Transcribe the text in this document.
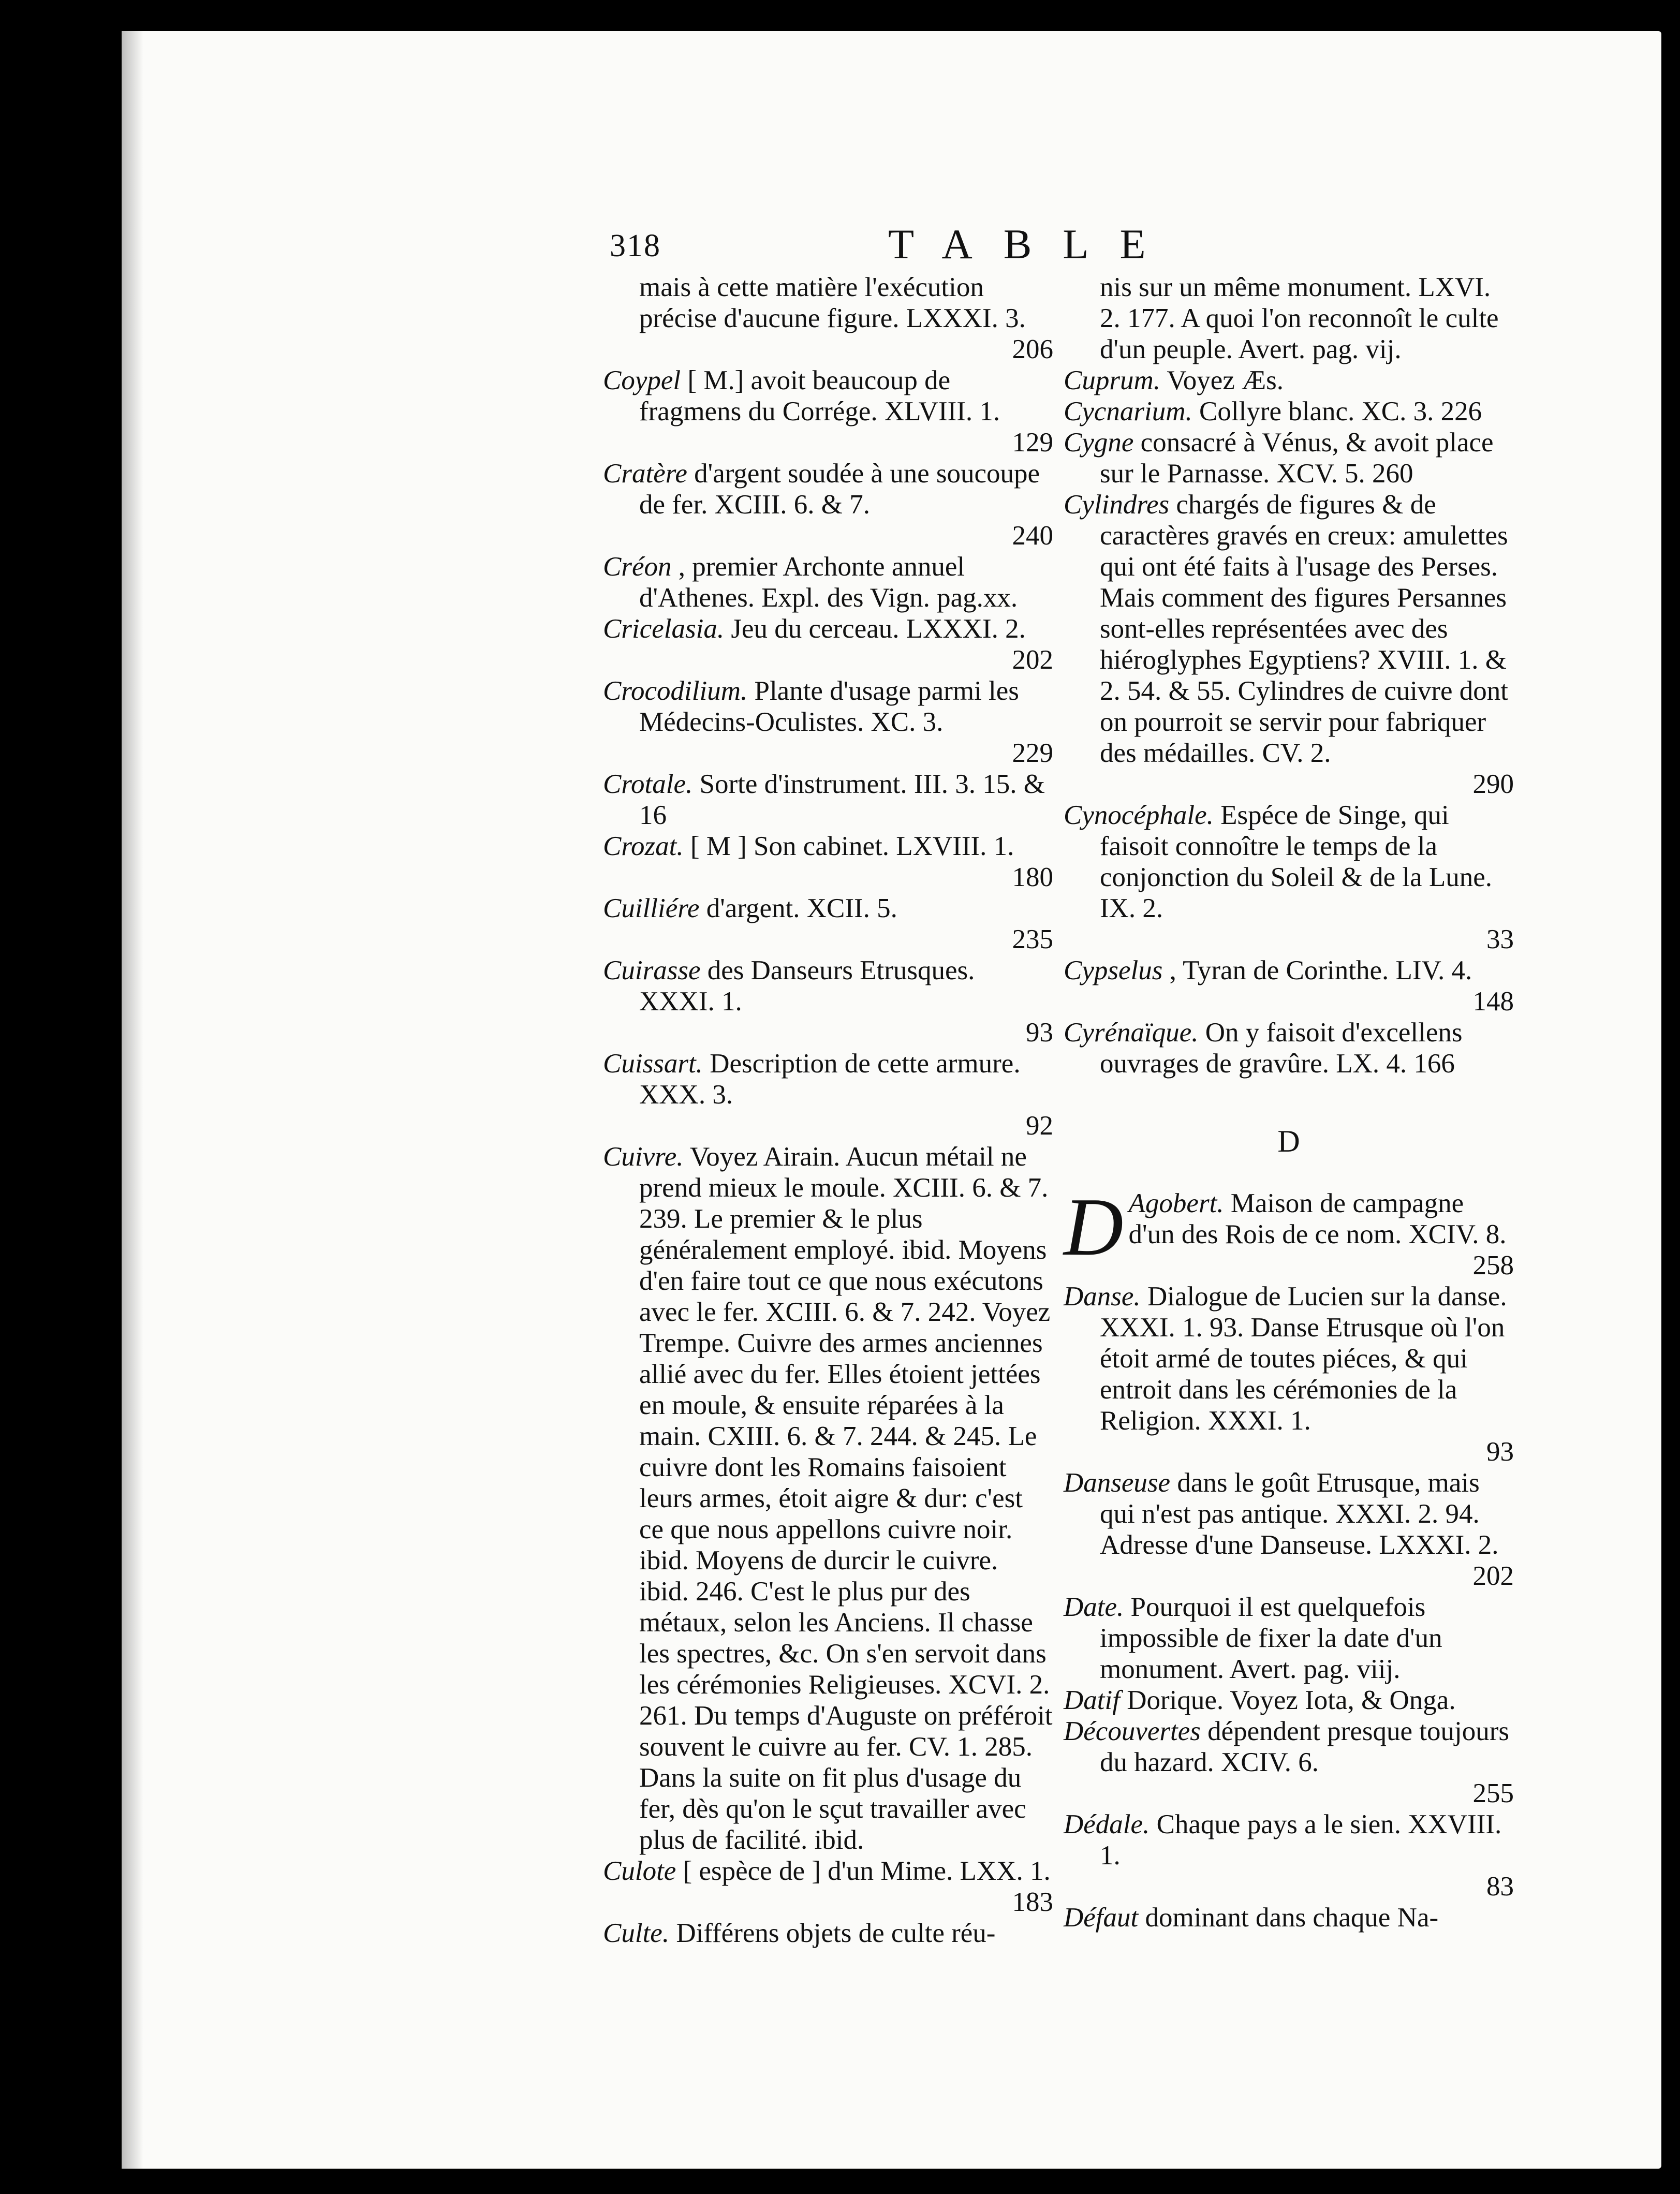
318	TABLE

mais à cette matière l'exécution précise d'aucune figure. LXXXI. 3.
206

Coypel [ M.] avoit beaucoup de fragmens du Corrége. XLVIII. 1.
129

Cratère d'argent soudée à une soucoupe de fer. XCIII. 6. & 7.
240

Créon , premier Archonte annuel d'Athenes. Expl. des Vign. pag.xx.

Cricelasia. Jeu du cerceau. LXXXI. 2.
202

Crocodilium. Plante d'usage parmi les Médecins-Oculistes. XC. 3.
229

Crotale. Sorte d'instrument. III. 3. 15. & 16

Crozat. [ M ] Son cabinet. LXVIII. 1.
180

Cuilliére d'argent. XCII. 5.
235

Cuirasse des Danseurs Etrusques. XXXI. 1.
93

Cuissart. Description de cette armure. XXX. 3.
92

Cuivre. Voyez Airain. Aucun métail ne prend mieux le moule. XCIII. 6. & 7. 239. Le premier & le plus généralement employé. ibid. Moyens d'en faire tout ce que nous exécutons avec le fer. XCIII. 6. & 7. 242. Voyez Trempe. Cuivre des armes anciennes allié avec du fer. Elles étoient jettées en moule, & ensuite réparées à la main. CXIII. 6. & 7. 244. & 245. Le cuivre dont les Romains faisoient leurs armes, étoit aigre & dur: c'est ce que nous appellons cuivre noir. ibid. Moyens de durcir le cuivre. ibid. 246. C'est le plus pur des métaux, selon les Anciens. Il chasse les spectres, &c. On s'en servoit dans les cérémonies Religieuses. XCVI. 2. 261. Du temps d'Auguste on préféroit souvent le cuivre au fer. CV. 1. 285. Dans la suite on fit plus d'usage du fer, dès qu'on le sçut travailler avec plus de facilité. ibid.

Culote [ espèce de ] d'un Mime. LXX. 1.
183

Culte. Différens objets de culte réu-

nis sur un même monument. LXVI. 2. 177. A quoi l'on reconnoît le culte d'un peuple. Avert. pag. vij.

Cuprum. Voyez Æs.

Cycnarium. Collyre blanc. XC. 3. 226

Cygne consacré à Vénus, & avoit place sur le Parnasse. XCV. 5. 260

Cylindres chargés de figures & de caractères gravés en creux: amulettes qui ont été faits à l'usage des Perses. Mais comment des figures Persannes sont-elles représentées avec des hiéroglyphes Egyptiens? XVIII. 1. & 2. 54. & 55. Cylindres de cuivre dont on pourroit se servir pour fabriquer des médailles. CV. 2.
290

Cynocéphale. Espéce de Singe, qui faisoit connoître le temps de la conjonction du Soleil & de la Lune. IX. 2.
33

Cypselus , Tyran de Corinthe. LIV. 4.
148

Cyrénaïque. On y faisoit d'excellens ouvrages de gravûre. LX. 4. 166

D

D Agobert. Maison de campagne d'un des Rois de ce nom. XCIV. 8.
258

Danse. Dialogue de Lucien sur la danse. XXXI. 1. 93. Danse Etrusque où l'on étoit armé de toutes piéces, & qui entroit dans les cérémonies de la Religion. XXXI. 1.
93

Danseuse dans le goût Etrusque, mais qui n'est pas antique. XXXI. 2. 94. Adresse d'une Danseuse. LXXXI. 2.
202

Date. Pourquoi il est quelquefois impossible de fixer la date d'un monument. Avert. pag. viij.

Datif Dorique. Voyez Iota, & Onga.

Découvertes dépendent presque toujours du hazard. XCIV. 6.
255

Dédale. Chaque pays a le sien. XXVIII. 1.
83

Défaut dominant dans chaque Na-
